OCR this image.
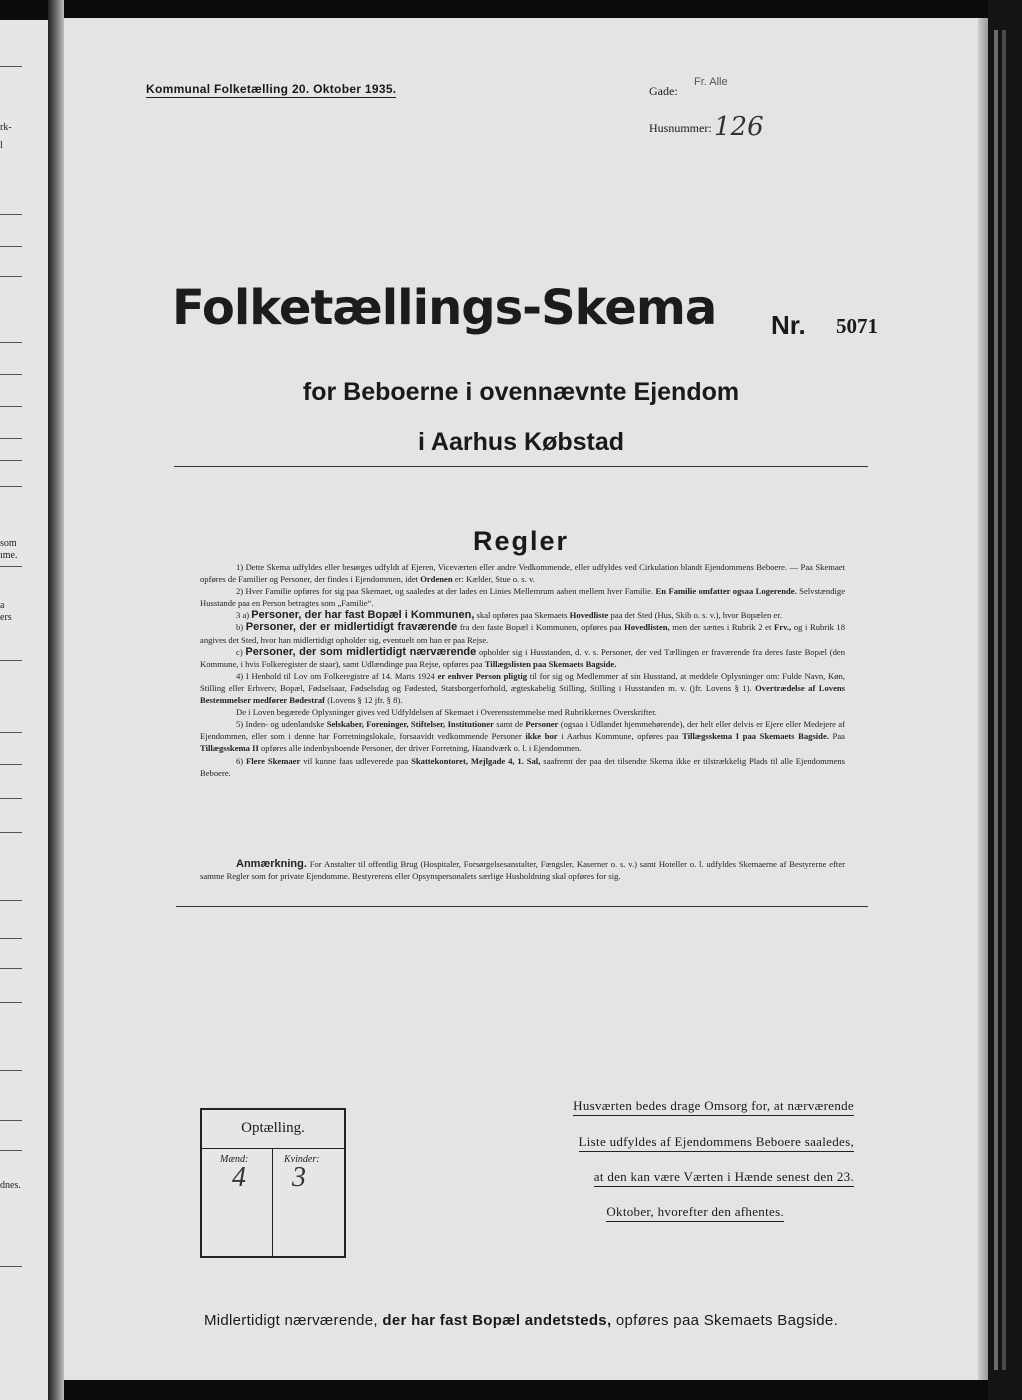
rk-
l
som
ıme.
a
ers
dnes.
Kommunal Folketælling 20. Oktober 1935.	Gade:
Fr. Alle
Husnummer: 126
Folketællings-Skema Nr. 5071
for Beboerne i ovennævnte Ejendom
i Aarhus Købstad
Regler

1) Dette Skema udfyldes eller besørges udfyldt af Ejeren, Viceværten eller andre Vedkommende, eller udfyldes ved Cirkulation blandt Ejendommens Beboere. — Paa Skemaet opføres de Familier og Personer, der findes i Ejendommen, idet Ordenen er: Kælder, Stue o. s. v.

2) Hver Familie opføres for sig paa Skemaet, og saaledes at der lades en Linies Mellemrum aaben mellem hver Familie. En Familie omfatter ogsaa Logerende. Selvstændige Husstande paa en Person betragtes som „Familie“.

3 a) Personer, der har fast Bopæl i Kommunen, skal opføres paa Skemaets Hovedliste paa det Sted (Hus, Skib o. s. v.), hvor Bopælen er.

b) Personer, der er midlertidigt fraværende fra den faste Bopæl i Kommunen, opføres paa Hovedlisten, men der sættes i Rubrik 2 et Frv., og i Rubrik 18 angives det Sted, hvor han midlertidigt opholder sig, eventuelt om han er paa Rejse.

c) Personer, der som midlertidigt nærværende opholder sig i Husstanden, d. v. s. Personer, der ved Tællingen er fraværende fra deres faste Bopæl (den Kommune, i hvis Folkeregister de staar), samt Udlændinge paa Rejse, opføres paa Tillægslisten paa Skemaets Bagside.

4) I Henhold til Lov om Folkeregistre af 14. Marts 1924 er enhver Person pligtig til for sig og Medlemmer af sin Husstand, at meddele Oplysninger om: Fulde Navn, Køn, Stilling eller Erhverv, Bopæl, Fødselsaar, Fødselsdag og Fødested, Statsborgerforhold, ægteskabelig Stilling, Stilling i Husstanden m. v. (jfr. Lovens § 1). Overtrædelse af Lovens Bestemmelser medfører Bødestraf (Lovens § 12 jfr. § 8).

De i Loven begærede Oplysninger gives ved Udfyldelsen af Skemaet i Overensstemmelse med Rubrikkernes Overskrifter.

5) Inden- og udenlandske Selskaber, Foreninger, Stiftelser, Institutioner samt de Personer (ogsaa i Udlandet hjemmehørende), der helt eller delvis er Ejere eller Medejere af Ejendommen, eller som i denne har Forretningslokale, forsaavidt vedkommende Personer ikke bor i Aarhus Kommune, opføres paa Tillægsskema I paa Skemaets Bagside. Paa Tillægsskema II opføres alle indenbysboende Personer, der driver Forretning, Haandværk o. l. i Ejendommen.

6) Flere Skemaer vil kunne faas udleverede paa Skattekontoret, Mejlgade 4, 1. Sal, saafremt der paa det tilsendte Skema ikke er tilstrækkelig Plads til alle Ejendommens Beboere.

Anmærkning. For Anstalter til offentlig Brug (Hospitaler, Forsørgelsesanstalter, Fængsler, Kaserner o. s. v.) samt Hoteller o. l. udfyldes Skemaerne af Bestyrerne efter samme Regler som for private Ejendomme. Bestyrerens eller Opsynspersonalets særlige Husholdning skal opføres for sig.

Optælling.
Mænd:	Kvinder:
4 3
Husværten bedes drage Omsorg for, at nærværende
Liste udfyldes af Ejendommens Beboere saaledes,
at den kan være Værten i Hænde senest den 23.
Oktober, hvorefter den afhentes.
Midlertidigt nærværende, der har fast Bopæl andetsteds, opføres paa Skemaets Bagside.
